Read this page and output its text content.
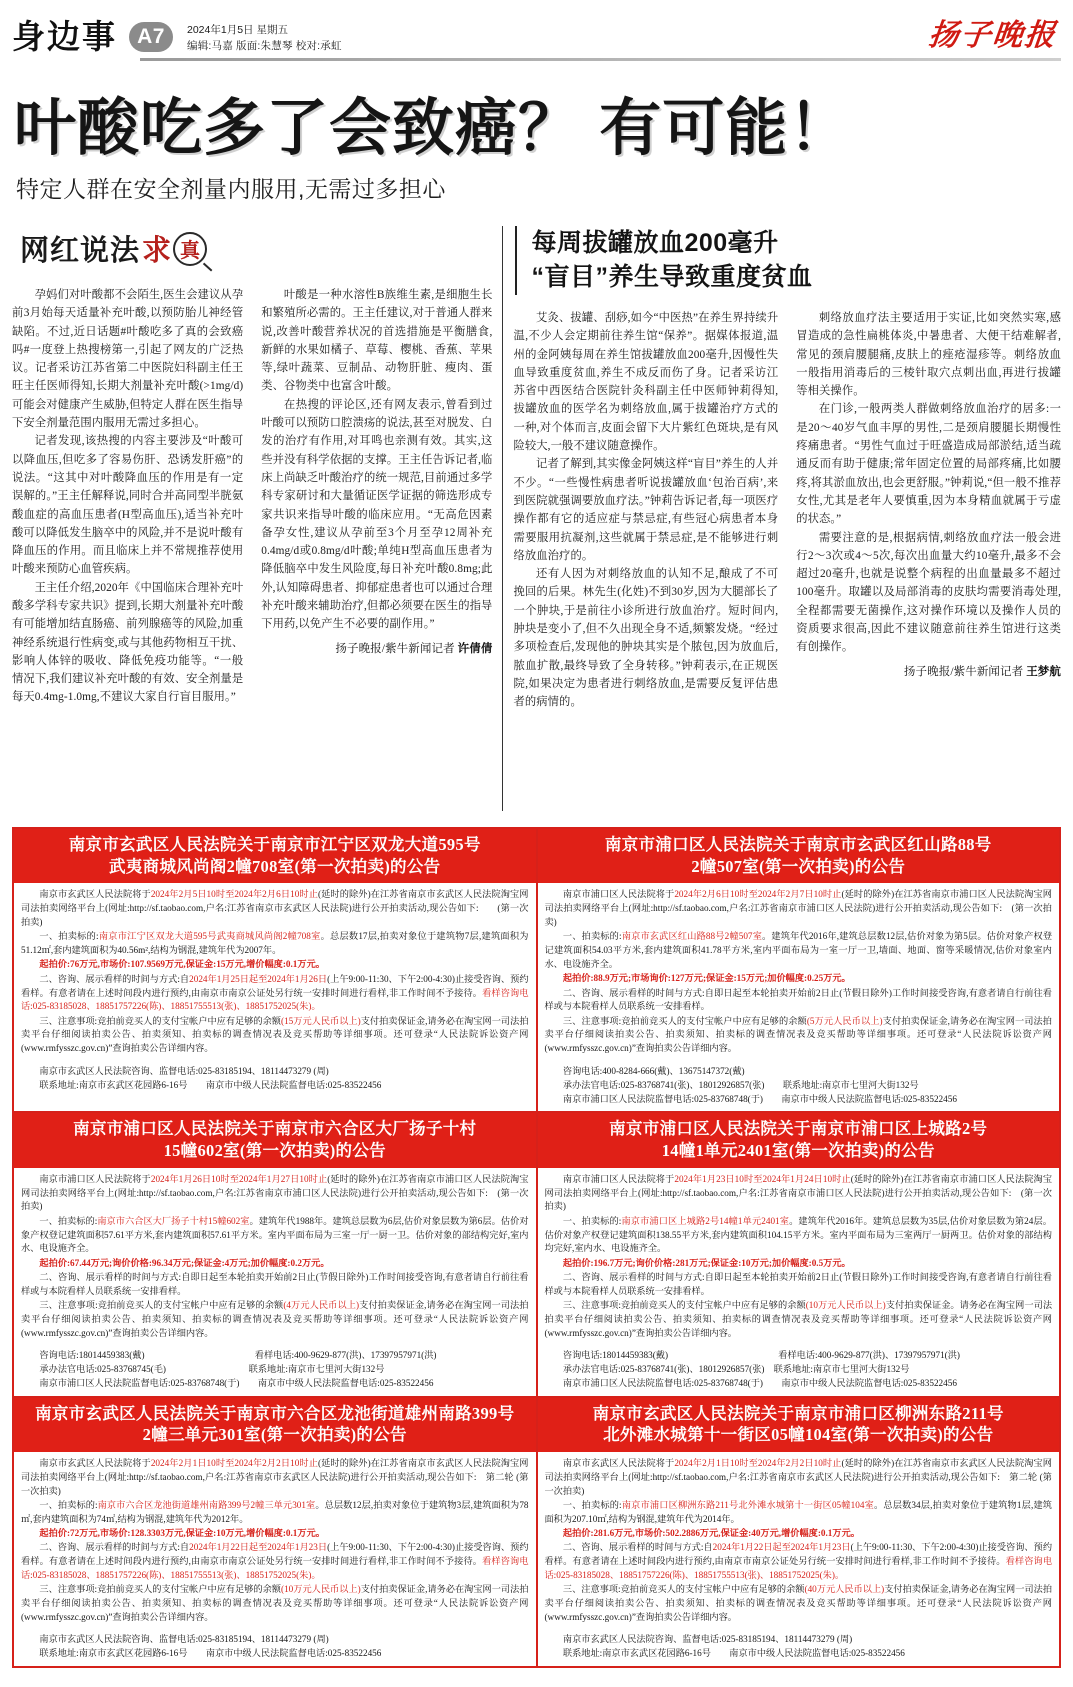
身边事 A7	2024年1月5日 星期五
编辑:马嘉 版面:朱慧琴 校对:承虹	扬子晚报
叶酸吃多了会致癌？ 有可能！
特定人群在安全剂量内服用,无需过多担心
网红说法 求 真

孕妈们对叶酸都不会陌生,医生会建议从孕前3月始每天适量补充叶酸,以预防胎儿神经管缺陷。不过,近日话题#叶酸吃多了真的会致癌吗#一度登上热搜榜第一,引起了网友的广泛热议。记者采访江苏省第二中医院妇科副主任王旺主任医师得知,长期大剂量补充叶酸(>1mg/d)可能会对健康产生威胁,但特定人群在医生指导下安全剂量范围内服用无需过多担心。

记者发现,该热搜的内容主要涉及“叶酸可以降血压,但吃多了容易伤肝、恐诱发肝癌”的说法。“这其中对叶酸降血压的作用是有一定误解的。”王主任解释说,同时合并高同型半胱氨酸血症的高血压患者(H型高血压),适当补充叶酸可以降低发生脑卒中的风险,并不是说叶酸有降血压的作用。而且临床上并不常规推荐使用叶酸来预防心血管疾病。

王主任介绍,2020年《中国临床合理补充叶酸多学科专家共识》提到,长期大剂量补充叶酸有可能增加结直肠癌、前列腺癌等的风险,加重神经系统退行性病变,或与其他药物相互干扰、影响人体锌的吸收、降低免疫功能等。“一般情况下,我们建议补充叶酸的有效、安全剂量是每天0.4mg-1.0mg,不建议大家自行盲目服用。”

叶酸是一种水溶性B族维生素,是细胞生长和繁殖所必需的。王主任建议,对于普通人群来说,改善叶酸营养状况的首选措施是平衡膳食,新鲜的水果如橘子、草莓、樱桃、香蕉、苹果等,绿叶蔬菜、豆制品、动物肝脏、瘦肉、蛋类、谷物类中也富含叶酸。

在热搜的评论区,还有网友表示,曾看到过叶酸可以预防口腔溃疡的说法,甚至对脱发、白发的治疗有作用,对耳鸣也亲测有效。其实,这些并没有科学依据的支撑。王主任告诉记者,临床上尚缺乏叶酸治疗的统一规范,目前通过多学科专家研讨和大量循证医学证据的筛选形成专家共识来指导叶酸的临床应用。“无高危因素备孕女性,建议从孕前至3个月至孕12周补充0.4mg/d或0.8mg/d叶酸;单纯H型高血压患者为降低脑卒中发生风险度,每日补充叶酸0.8mg;此外,认知障碍患者、抑郁症患者也可以通过合理补充叶酸来辅助治疗,但都必须要在医生的指导下用药,以免产生不必要的副作用。”

扬子晚报/紫牛新闻记者 许倩倩
每周拔罐放血200毫升
“盲目”养生导致重度贫血

艾灸、拔罐、刮痧,如今“中医热”在养生界持续升温,不少人会定期前往养生馆“保养”。据媒体报道,温州的金阿姨每周在养生馆拔罐放血200毫升,因慢性失血导致重度贫血,养生不成反而伤了身。记者采访江苏省中西医结合医院针灸科副主任中医师钟莉得知,拔罐放血的医学名为刺络放血,属于拔罐治疗方式的一种,对个体而言,皮面会留下大片紫红色斑块,是有风险较大,一般不建议随意操作。

记者了解到,其实像金阿姨这样“盲目”养生的人并不少。“一些慢性病患者听说拔罐放血‘包治百病’,来到医院就强调要放血疗法。”钟莉告诉记者,每一项医疗操作都有它的适应症与禁忌症,有些冠心病患者本身需要服用抗凝剂,这些就属于禁忌症,是不能够进行刺络放血治疗的。

还有人因为对刺络放血的认知不足,酿成了不可挽回的后果。林先生(化姓)不到30岁,因为大腿部长了一个肿块,于是前往小诊所进行放血治疗。短时间内,肿块是变小了,但不久出现全身不适,频繁发烧。“经过多项检查后,发现他的肿块其实是个脓包,因为放血后,脓血扩散,最终导致了全身转移。”钟莉表示,在正规医院,如果决定为患者进行刺络放血,是需要反复评估患者的病情的。

刺络放血疗法主要适用于实证,比如突然实寒,感冒造成的急性扁桃体炎,中暑患者、大便干结难解者,常见的颈肩腰腿痛,皮肤上的痤疮湿疹等。刺络放血一般指用消毒后的三棱针取穴点刺出血,再进行拔罐等相关操作。

在门诊,一般两类人群做刺络放血治疗的居多:一是20～40岁气血丰厚的男性,二是颈肩腰腿长期慢性疼痛患者。“男性气血过于旺盛造成局部淤结,适当疏通反而有助于健康;常年固定位置的局部疼痛,比如腰疼,将其淤血放出,也会更舒服。”钟莉说,“但一般不推荐女性,尤其是老年人要慎重,因为本身精血就属于亏虚的状态。”

需要注意的是,根据病情,刺络放血疗法一般会进行2～3次或4～5次,每次出血量大约10毫升,最多不会超过20毫升,也就是说整个病程的出血量最多不超过100毫升。取罐以及局部消毒的皮肤均需要消毒处理,全程都需要无菌操作,这对操作环境以及操作人员的资质要求很高,因此不建议随意前往养生馆进行这类有创操作。

扬子晚报/紫牛新闻记者 王梦航
南京市玄武区人民法院关于南京市江宁区双龙大道595号
武夷商城风尚阁2幢708室(第一次拍卖)的公告

南京市玄武区人民法院将于2024年2月5日10时至2024年2月6日10时止(延时的除外)在江苏省南京市玄武区人民法院淘宝网司法拍卖网络平台上(网址:http://sf.taobao.com,户名:江苏省南京市玄武区人民法院)进行公开拍卖活动,现公告如下:　　(第一次拍卖)

一、拍卖标的:南京市江宁区双龙大道595号武夷商城风尚阁2幢708室。总层数17层,拍卖对象位于建筑物7层,建筑面积为51.12㎡,套内建筑面积为40.56m²,结构为钢混,建筑年代为2007年。

起拍价:76万元,市场价:107.9569万元,保证金:15万元,增价幅度:0.1万元。

二、咨询、展示看样的时间与方式:自2024年1月25日起至2024年1月26日(上午9:00-11:30、下午2:00-4:30)止接受咨询、预约看样。有意者请在上述时间段内进行预约,由南京市南京公证处另行统一安排时间进行看样,非工作时间不予接待。看样咨询电话:025-83185028、18851757226(陈)、18851755513(张)、18851752025(朱)。

三、注意事项:竞拍前竞买人的支付宝帐户中应有足够的余额(15万元人民币以上)支付拍卖保证金,请务必在淘宝网一司法拍卖平台仔细阅读拍卖公告、拍卖须知、拍卖标的调查情况表及竞买帮助等详细事项。还可登录“人民法院诉讼资产网(www.rmfysszc.gov.cn)”查询拍卖公告详细内容。

南京市玄武区人民法院咨询、监督电话:025-83185194、18114473279 (周)
联系地址:南京市玄武区花园路6-16号　　南京市中级人民法院监督电话:025-83522456
南京市浦口区人民法院关于南京市玄武区红山路88号
2幢507室(第一次拍卖)的公告

南京市浦口区人民法院将于2024年2月6日10时至2024年2月7日10时止(延时的除外)在江苏省南京市浦口区人民法院淘宝网司法拍卖网络平台上(网址:http://sf.taobao.com,户名:江苏省南京市浦口区人民法院)进行公开拍卖活动,现公告如下:　(第一次拍卖)

一、拍卖标的:南京市玄武区红山路88号2幢507室。建筑年代2016年,建筑总层数12层,估价对象为第5层。估价对象产权登记建筑面积54.03平方米,套内建筑面积41.78平方米,室内平面布局为一室一厅一卫,墙面、地面、窗等采暖情况,估价对象室内水、电设施齐全。

起拍价:88.9万元;市场询价:127万元;保证金:15万元;加价幅度:0.25万元。

二、咨询、展示看样的时间与方式:自即日起至本轮拍卖开始前2日止(节假日除外)工作时间接受咨询,有意者请自行前往看样或与本院看样人员联系统一安排看样。

三、注意事项:竞拍前竞买人的支付宝帐户中应有足够的余额(5万元人民币以上)支付拍卖保证金,请务必在淘宝网一司法拍卖平台仔细阅读拍卖公告、拍卖须知、拍卖标的调查情况表及竞买帮助等详细事项。还可登录“人民法院诉讼资产网(www.rmfysszc.gov.cn)”查询拍卖公告详细内容。

咨询电话:400-8284-666(戴)、13675147372(戴)
承办法官电话:025-83768741(张)、18012926857(张)　　联系地址:南京市七里河大街132号
南京市浦口区人民法院监督电话:025-83768748(于)　　南京市中级人民法院监督电话:025-83522456
南京市浦口区人民法院关于南京市六合区大厂扬子十村
15幢602室(第一次拍卖)的公告

南京市浦口区人民法院将于2024年1月26日10时至2024年1月27日10时止(延时的除外)在江苏省南京市浦口区人民法院淘宝网司法拍卖网络平台上(网址:http://sf.taobao.com,户名:江苏省南京市浦口区人民法院)进行公开拍卖活动,现公告如下:　(第一次拍卖)

一、拍卖标的:南京市六合区大厂扬子十村15幢602室。建筑年代1988年。建筑总层数为6层,估价对象层数为第6层。估价对象产权登记建筑面积57.61平方米,套内建筑面积57.61平方米。室内平面布局为三室一厅一厨一卫。估价对象的部结构完好,室内水、电设施齐全。

起拍价:67.44万元;询价价格:96.34万元;保证金:4万元;加价幅度:0.2万元。

二、咨询、展示看样的时间与方式:自即日起至本轮拍卖开始前2日止(节假日除外)工作时间接受咨询,有意者请自行前往看样或与本院看样人员联系统一安排看样。

三、注意事项:竞拍前竞买人的支付宝帐户中应有足够的余额(4万元人民币以上)支付拍卖保证金,请务必在淘宝网一司法拍卖平台仔细阅读拍卖公告、拍卖须知、拍卖标的调查情况表及竞买帮助等详细事项。还可登录“人民法院诉讼资产网(www.rmfysszc.gov.cn)”查询拍卖公告详细内容。

咨询电话:18014459383(戴)　　　　　　　　　　　　看样电话:400-9629-877(洪)、17397957971(洪)
承办法官电话:025-83768745(毛)　　　　　　　　　联系地址:南京市七里河大街132号
南京市浦口区人民法院监督电话:025-83768748(于)　　南京市中级人民法院监督电话:025-83522456
南京市浦口区人民法院关于南京市浦口区上城路2号
14幢1单元2401室(第一次拍卖)的公告

南京市浦口区人民法院将于2024年1月23日10时至2024年1月24日10时止(延时的除外)在江苏省南京市浦口区人民法院淘宝网司法拍卖网络平台上(网址:http://sf.taobao.com,户名:江苏省南京市浦口区人民法院)进行公开拍卖活动,现公告如下:　(第一次拍卖)

一、拍卖标的:南京市浦口区上城路2号14幢1单元2401室。建筑年代2016年。建筑总层数为35层,估价对象层数为第24层。估价对象产权登记建筑面积138.55平方米,套内建筑面积104.15平方米。室内平面布局为三室两厅一厨两卫。估价对象的部结构均完好,室内水、电设施齐全。

起拍价:196.7万元;询价价格:281万元;保证金:10万元;加价幅度:0.5万元。

二、咨询、展示看样的时间与方式:自即日起至本轮拍卖开始前2日止(节假日除外)工作时间接受咨询,有意者请自行前往看样或与本院看样人员联系统一安排看样。

三、注意事项:竞拍前竞买人的支付宝帐户中应有足够的余额(10万元人民币以上)支付拍卖保证金。请务必在淘宝网一司法拍卖平台仔细阅读拍卖公告、拍卖须知、拍卖标的调查情况表及竞买帮助等详细事项。还可登录“人民法院诉讼资产网(www.rmfysszc.gov.cn)”查询拍卖公告详细内容。

咨询电话:18014459383(戴)　　　　　　　　　　　　看样电话:400-9629-877(洪)、17397957971(洪)
承办法官电话:025-83768741(张)、18012926857(张)　联系地址:南京市七里河大街132号
南京市浦口区人民法院监督电话:025-83768748(于)　　南京市中级人民法院监督电话:025-83522456
南京市玄武区人民法院关于南京市六合区龙池街道雄州南路399号
2幢三单元301室(第一次拍卖)的公告

南京市玄武区人民法院将于2024年2月1日10时至2024年2月2日10时止(延时的除外)在江苏省南京市玄武区人民法院淘宝网司法拍卖网络平台上(网址:http://sf.taobao.com,户名:江苏省南京市玄武区人民法院)进行公开拍卖活动,现公告如下:　第二轮 (第一次拍卖)

一、拍卖标的:南京市六合区龙池街道雄州南路399号2幢三单元301室。总层数12层,拍卖对象位于建筑物3层,建筑面积为78㎡,套内建筑面积为74㎡,结构为钢混,建筑年代为2012年。

起拍价:72万元,市场价:128.3303万元,保证金:10万元,增价幅度:0.1万元。

二、咨询、展示看样的时间与方式:自2024年1月22日起至2024年1月23日(上午9:00-11:30、下午2:00-4:30)止接受咨询、预约看样。有意者请在上述时间段内进行预约,由南京市南京公证处另行统一安排时间进行看样,非工作时间不予接待。看样咨询电话:025-83185028、18851757226(陈)、18851755513(张)、18851752025(朱)。

三、注意事项:竞拍前竞买人的支付宝帐户中应有足够的余额(10万元人民币以上)支付拍卖保证金,请务必在淘宝网一司法拍卖平台仔细阅读拍卖公告、拍卖须知、拍卖标的调查情况表及竞买帮助等详细事项。还可登录“人民法院诉讼资产网(www.rmfysszc.gov.cn)”查询拍卖公告详细内容。

南京市玄武区人民法院咨询、监督电话:025-83185194、18114473279 (周)
联系地址:南京市玄武区花园路6-16号　　南京市中级人民法院监督电话:025-83522456
南京市玄武区人民法院关于南京市浦口区柳洲东路211号
北外滩水城第十一街区05幢104室(第一次拍卖)的公告

南京市玄武区人民法院将于2024年2月1日10时至2024年2月2日10时止(延时的除外)在江苏省南京市玄武区人民法院淘宝网司法拍卖网络平台上(网址:http://sf.taobao.com,户名:江苏省南京市玄武区人民法院)进行公开拍卖活动,现公告如下:　第二轮 (第一次拍卖)

一、拍卖标的:南京市浦口区柳洲东路211号北外滩水城第十一街区05幢104室。总层数34层,拍卖对象位于建筑物1层,建筑面积为207.10㎡,结构为钢混,建筑年代为2014年。

起拍价:281.6万元,市场价:502.2886万元,保证金:40万元,增价幅度:0.1万元。

二、咨询、展示看样的时间与方式:自2024年1月22日起至2024年1月23日(上午9:00-11:30、下午2:00-4:30)止接受咨询、预约看样。有意者请在上述时间段内进行预约,由南京市南京公证处另行统一安排时间进行看样,非工作时间不予接待。看样咨询电话:025-83185028、18851757226(陈)、18851755513(张)、18851752025(朱)。

三、注意事项:竞拍前竞买人的支付宝帐户中应有足够的余额(40万元人民币以上)支付拍卖保证金,请务必在淘宝网一司法拍卖平台仔细阅读拍卖公告、拍卖须知、拍卖标的调查情况表及竞买帮助等详细事项。还可登录“人民法院诉讼资产网(www.rmfysszc.gov.cn)”查询拍卖公告详细内容。

南京市玄武区人民法院咨询、监督电话:025-83185194、18114473279 (周)
联系地址:南京市玄武区花园路6-16号　　南京市中级人民法院监督电话:025-83522456
